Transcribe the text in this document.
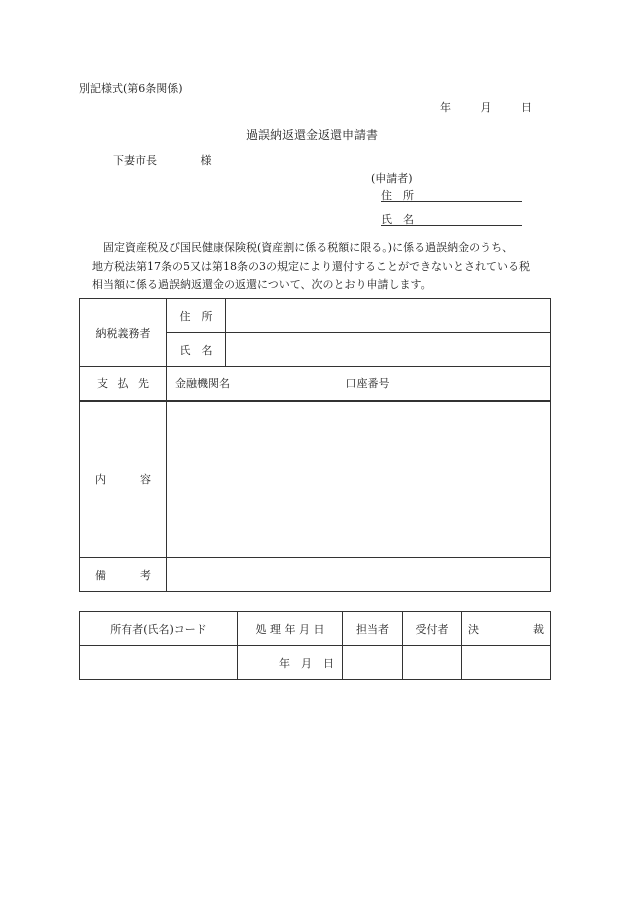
別記様式(第6条関係)
年	月	日
過誤納返還金返還申請書
下妻市長	様
(申請者)
住　所
氏　名
固定資産税及び国民健康保険税(資産割に係る税額に限る。)に係る過誤納金のうち、
地方税法第17条の5又は第18条の3の規定により還付することができないとされている税
相当額に係る過誤納返還金の返還について、次のとおり申請します。
納税義務者	住　所	
	氏　名	

支 払 先	金融機関名 口座番号	

内 容		

備 考		

所有者(氏名)コード	処 理 年 月 日	担当者	受付者	決 裁

	年　月　日			
